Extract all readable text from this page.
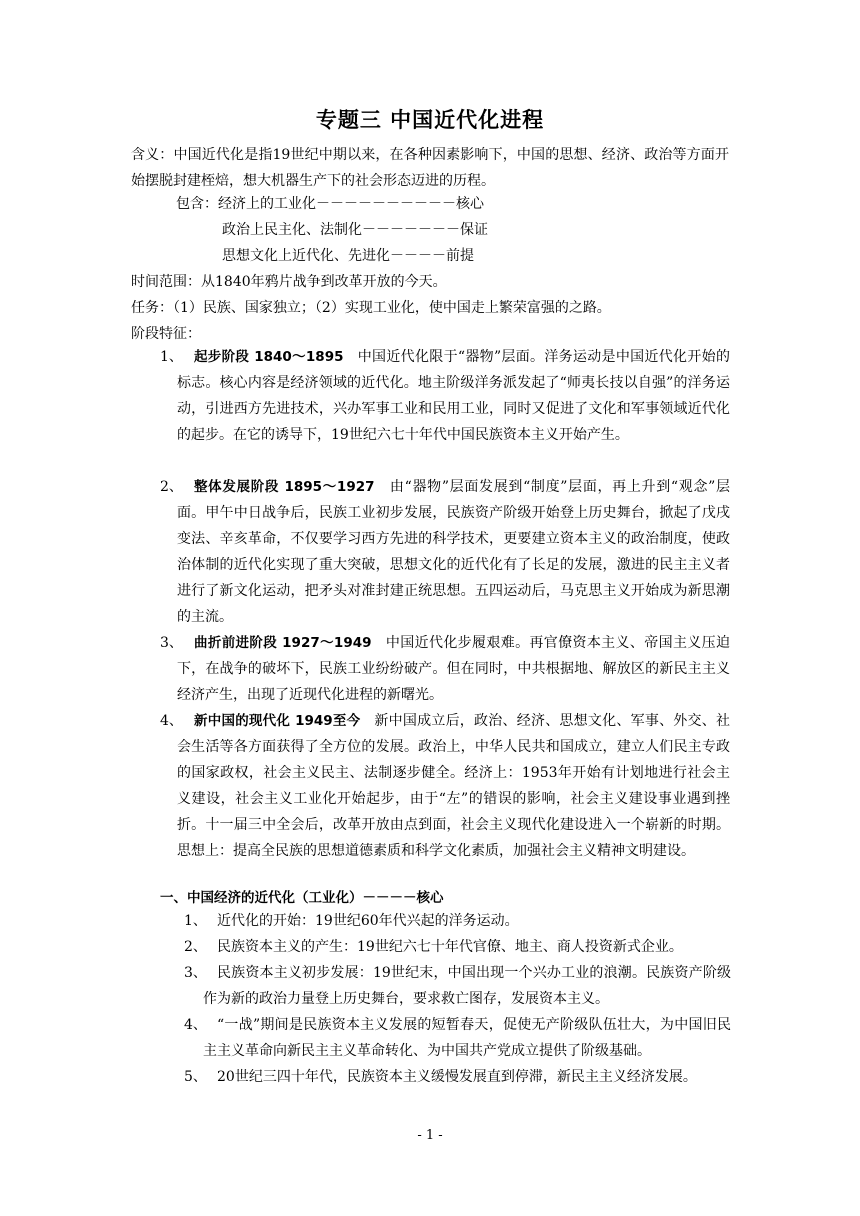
专题三 中国近代化进程
含义：中国近代化是指19世纪中期以来，在各种因素影响下，中国的思想、经济、政治等方面开始摆脱封建桎焙，想大机器生产下的社会形态迈进的历程。
包含：经济上的工业化－－－－－－－－－－核心
政治上民主化、法制化－－－－－－－保证
思想文化上近代化、先进化－－－－前提
时间范围：从1840年鸦片战争到改革开放的今天。
任务：（1）民族、国家独立；（2）实现工业化，使中国走上繁荣富强的之路。
阶段特征：
1、 起步阶段 1840～1895 中国近代化限于“器物”层面。洋务运动是中国近代化开始的标志。核心内容是经济领域的近代化。地主阶级洋务派发起了“师夷长技以自强”的洋务运动，引进西方先进技术，兴办军事工业和民用工业，同时又促进了文化和军事领域近代化的起步。在它的诱导下，19世纪六七十年代中国民族资本主义开始产生。
2、 整体发展阶段 1895～1927 由“器物”层面发展到“制度”层面，再上升到“观念”层面。甲午中日战争后，民族工业初步发展，民族资产阶级开始登上历史舞台，掀起了戊戌变法、辛亥革命，不仅要学习西方先进的科学技术，更要建立资本主义的政治制度，使政治体制的近代化实现了重大突破，思想文化的近代化有了长足的发展，激进的民主主义者进行了新文化运动，把矛头对准封建正统思想。五四运动后，马克思主义开始成为新思潮的主流。
3、 曲折前进阶段 1927～1949 中国近代化步履艰难。再官僚资本主义、帝国主义压迫下，在战争的破坏下，民族工业纷纷破产。但在同时，中共根据地、解放区的新民主主义经济产生，出现了近现代化进程的新曙光。
4、 新中国的现代化 1949至今 新中国成立后，政治、经济、思想文化、军事、外交、社会生活等各方面获得了全方位的发展。政治上，中华人民共和国成立，建立人们民主专政的国家政权，社会主义民主、法制逐步健全。经济上：1953年开始有计划地进行社会主义建设，社会主义工业化开始起步，由于“左”的错误的影响，社会主义建设事业遇到挫折。十一届三中全会后，改革开放由点到面，社会主义现代化建设进入一个崭新的时期。思想上：提高全民族的思想道德素质和科学文化素质，加强社会主义精神文明建设。
一、中国经济的近代化（工业化）－－－－核心
1、 近代化的开始：19世纪60年代兴起的洋务运动。
2、 民族资本主义的产生：19世纪六七十年代官僚、地主、商人投资新式企业。
3、 民族资本主义初步发展：19世纪末，中国出现一个兴办工业的浪潮。民族资产阶级作为新的政治力量登上历史舞台，要求救亡图存，发展资本主义。
4、 “一战”期间是民族资本主义发展的短暂春天，促使无产阶级队伍壮大，为中国旧民主主义革命向新民主主义革命转化、为中国共产党成立提供了阶级基础。
5、 20世纪三四十年代，民族资本主义缓慢发展直到停滞，新民主主义经济发展。
- 1 -
